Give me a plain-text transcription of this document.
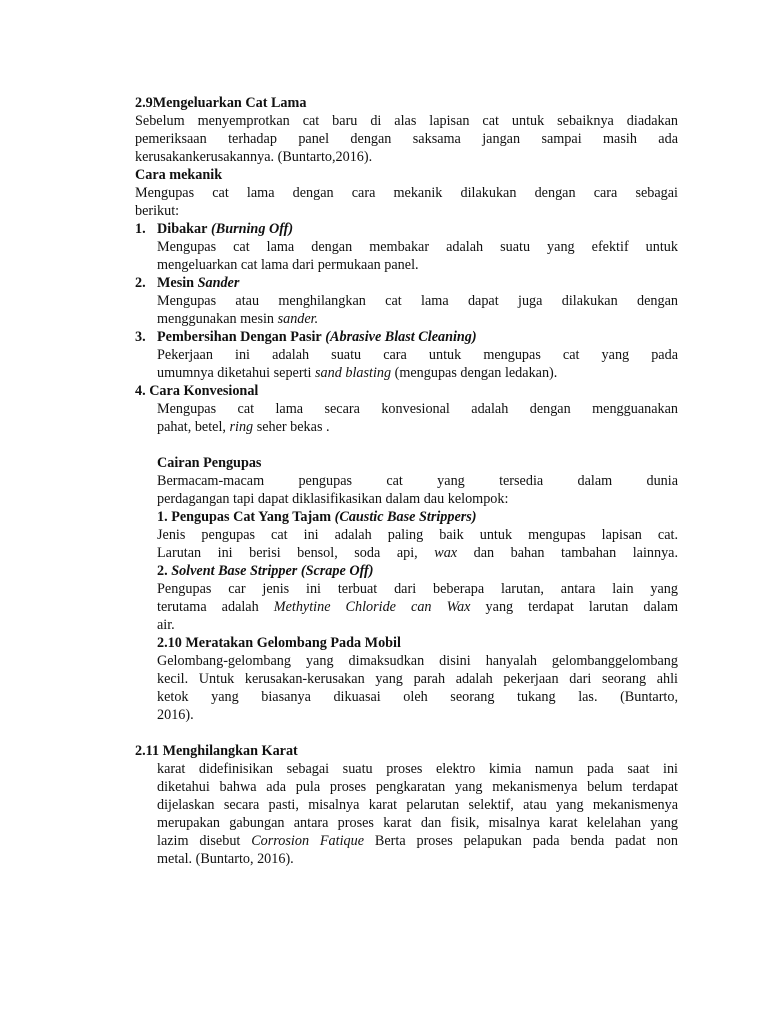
2.9Mengeluarkan Cat Lama
Sebelum menyemprotkan cat baru di alas lapisan cat untuk sebaiknya diadakan
pemeriksaan terhadap panel dengan saksama jangan sampai masih ada
kerusakankerusakannya. (Buntarto,2016).
Cara mekanik
Mengupas cat lama dengan cara mekanik dilakukan dengan cara sebagai
berikut:
1. Dibakar (Burning Off)
Mengupas cat lama dengan membakar adalah suatu yang efektif untuk
mengeluarkan cat lama dari permukaan panel.
2. Mesin Sander
Mengupas atau menghilangkan cat lama dapat juga dilakukan dengan
menggunakan mesin sander.
3. Pembersihan Dengan Pasir (Abrasive Blast Cleaning)
Pekerjaan ini adalah suatu cara untuk mengupas cat yang pada
umumnya diketahui seperti sand blasting (mengupas dengan ledakan).
4. Cara Konvesional
Mengupas cat lama secara konvesional adalah dengan mengguanakan
pahat, betel, ring seher bekas .
Cairan Pengupas
Bermacam-macam pengupas cat yang tersedia dalam dunia
perdagangan tapi dapat diklasifikasikan dalam dau kelompok:
1. Pengupas Cat Yang Tajam (Caustic Base Strippers)
Jenis pengupas cat ini adalah paling baik untuk mengupas lapisan cat.
Larutan ini berisi bensol, soda api, wax dan bahan tambahan lainnya.
2. Solvent Base Stripper (Scrape Off)
Pengupas car jenis ini terbuat dari beberapa larutan, antara lain yang
terutama adalah Methytine Chloride can Wax yang terdapat larutan dalam
air.
2.10 Meratakan Gelombang Pada Mobil
Gelombang-gelombang yang dimaksudkan disini hanyalah gelombanggelombang
kecil. Untuk kerusakan-kerusakan yang parah adalah pekerjaan dari seorang ahli
ketok yang biasanya dikuasai oleh seorang tukang las. (Buntarto,
2016).
2.11 Menghilangkan Karat
karat didefinisikan sebagai suatu proses elektro kimia namun pada saat ini
diketahui bahwa ada pula proses pengkaratan yang mekanismenya belum terdapat
dijelaskan secara pasti, misalnya karat pelarutan selektif, atau yang mekanismenya
merupakan gabungan antara proses karat dan fisik, misalnya karat kelelahan yang
lazim disebut Corrosion Fatique Berta proses pelapukan pada benda padat non
metal. (Buntarto, 2016).
